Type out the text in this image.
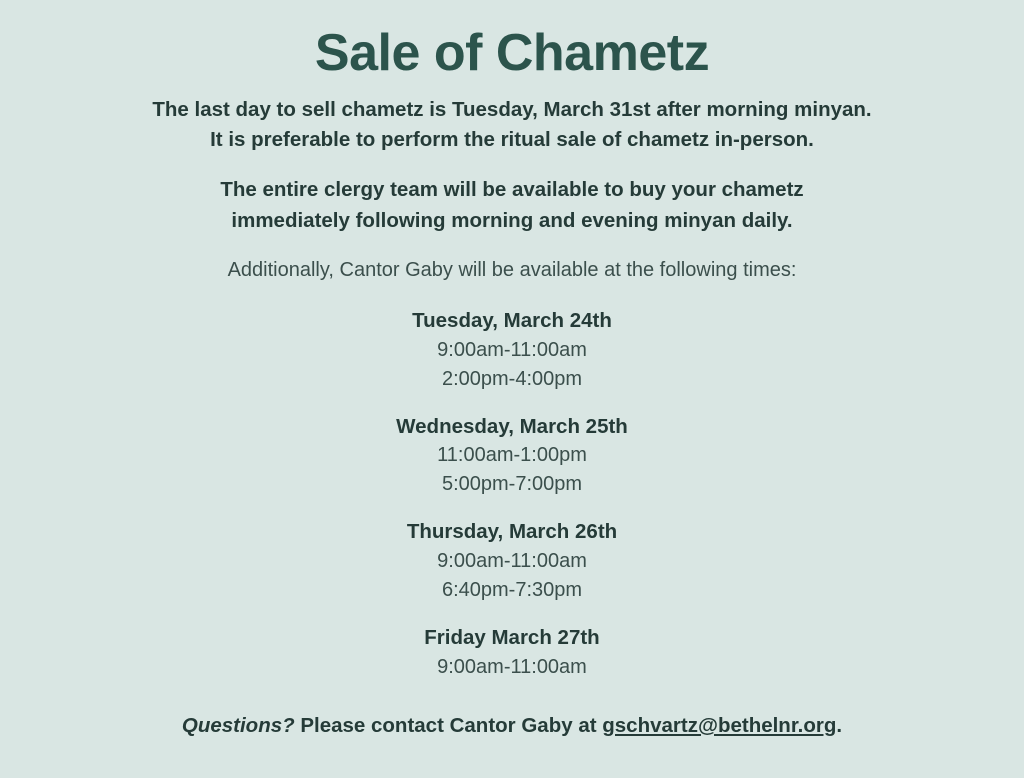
Sale of Chametz
The last day to sell chametz is Tuesday, March 31st after morning minyan.
It is preferable to perform the ritual sale of chametz in-person.
The entire clergy team will be available to buy your chametz
immediately following morning and evening minyan daily.
Additionally, Cantor Gaby will be available at the following times:
Tuesday, March 24th
9:00am-11:00am
2:00pm-4:00pm
Wednesday, March 25th
11:00am-1:00pm
5:00pm-7:00pm
Thursday, March 26th
9:00am-11:00am
6:40pm-7:30pm
Friday March 27th
9:00am-11:00am
Questions? Please contact Cantor Gaby at gschvartz@bethelnr.org.
